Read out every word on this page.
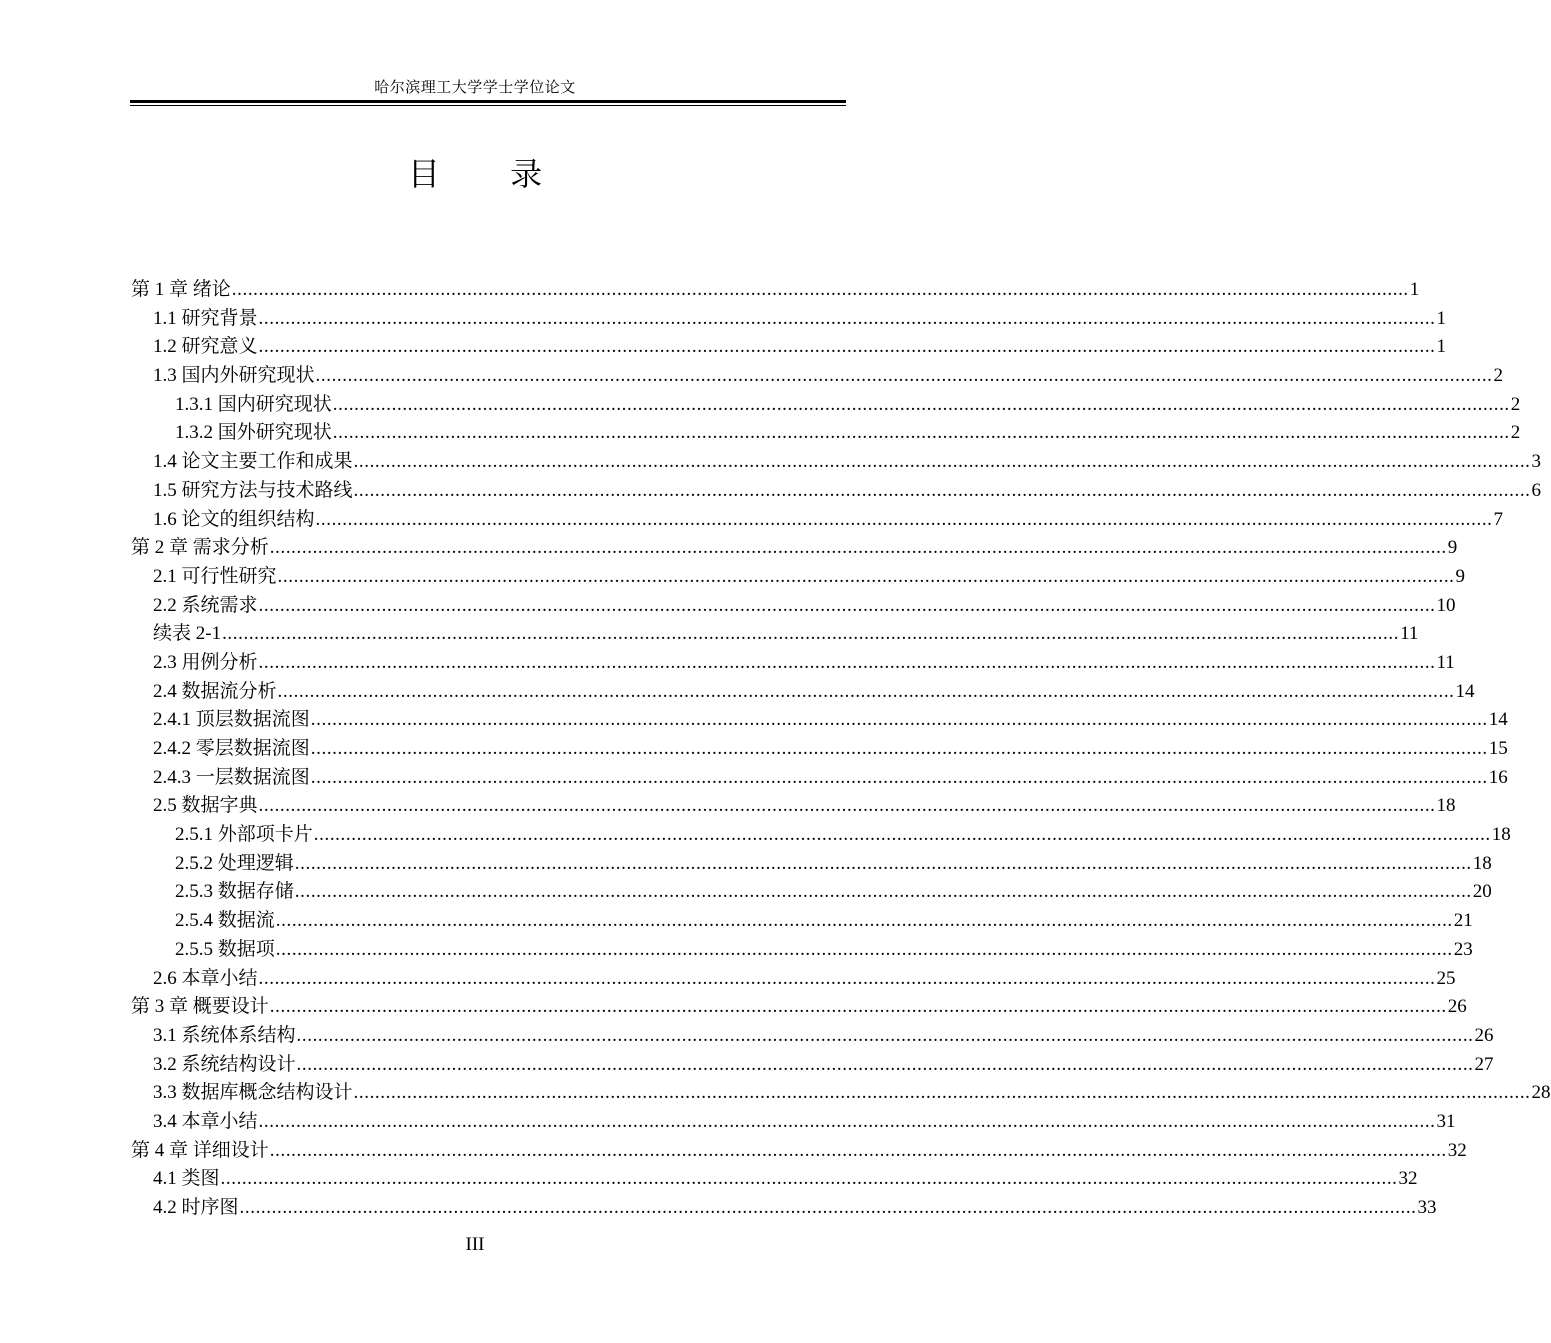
哈尔滨理工大学学士学位论文
目 录
第 1 章 绪论 ............................................................................................................................................................................................................................ 1
1.1 研究背景 ............................................................................................................................................................................................................................ 1
1.2 研究意义 ............................................................................................................................................................................................................................ 1
1.3 国内外研究现状 ............................................................................................................................................................................................................................ 2
1.3.1 国内研究现状 ............................................................................................................................................................................................................................ 2
1.3.2 国外研究现状 ............................................................................................................................................................................................................................ 2
1.4 论文主要工作和成果 ............................................................................................................................................................................................................................ 3
1.5 研究方法与技术路线 ............................................................................................................................................................................................................................ 6
1.6 论文的组织结构 ............................................................................................................................................................................................................................ 7
第 2 章 需求分析 ............................................................................................................................................................................................................................ 9
2.1 可行性研究 ............................................................................................................................................................................................................................ 9
2.2 系统需求 ............................................................................................................................................................................................................................ 10
续表 2-1 ............................................................................................................................................................................................................................ 11
2.3 用例分析 ............................................................................................................................................................................................................................ 11
2.4 数据流分析 ............................................................................................................................................................................................................................ 14
2.4.1 顶层数据流图 ............................................................................................................................................................................................................................ 14
2.4.2 零层数据流图 ............................................................................................................................................................................................................................ 15
2.4.3 一层数据流图 ............................................................................................................................................................................................................................ 16
2.5 数据字典 ............................................................................................................................................................................................................................ 18
2.5.1 外部项卡片 ............................................................................................................................................................................................................................ 18
2.5.2 处理逻辑 ............................................................................................................................................................................................................................ 18
2.5.3 数据存储 ............................................................................................................................................................................................................................ 20
2.5.4 数据流 ............................................................................................................................................................................................................................ 21
2.5.5 数据项 ............................................................................................................................................................................................................................ 23
2.6 本章小结 ............................................................................................................................................................................................................................ 25
第 3 章 概要设计 ............................................................................................................................................................................................................................ 26
3.1 系统体系结构 ............................................................................................................................................................................................................................ 26
3.2 系统结构设计 ............................................................................................................................................................................................................................ 27
3.3 数据库概念结构设计 ............................................................................................................................................................................................................................ 28
3.4 本章小结 ............................................................................................................................................................................................................................ 31
第 4 章 详细设计 ............................................................................................................................................................................................................................ 32
4.1 类图 ............................................................................................................................................................................................................................ 32
4.2 时序图 ............................................................................................................................................................................................................................ 33
III
